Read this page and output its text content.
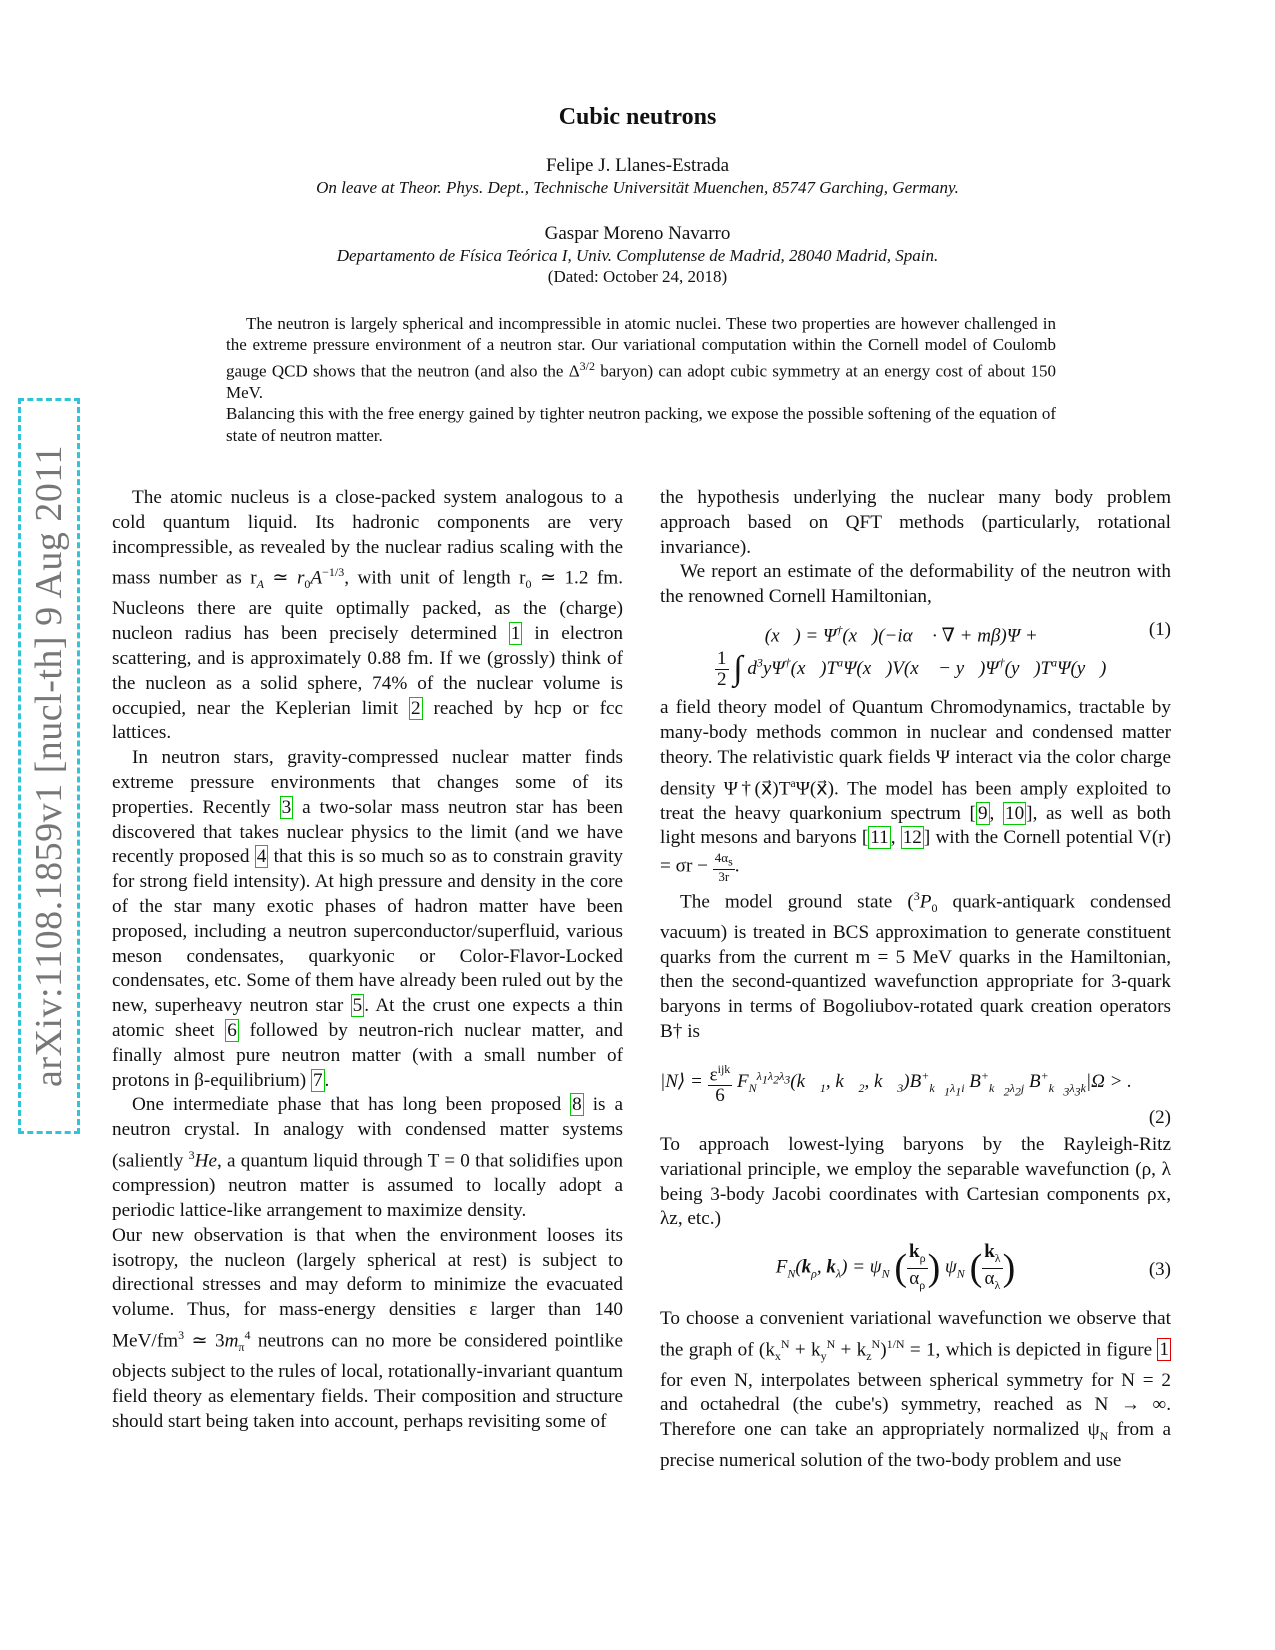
arXiv:1108.1859v1 [nucl-th] 9 Aug 2011
Cubic neutrons
Felipe J. Llanes-Estrada
On leave at Theor. Phys. Dept., Technische Universität Muenchen, 85747 Garching, Germany.
Gaspar Moreno Navarro
Departamento de Física Teórica I, Univ. Complutense de Madrid, 28040 Madrid, Spain.
(Dated: October 24, 2018)

The neutron is largely spherical and incompressible in atomic nuclei. These two properties are however challenged in the extreme pressure environment of a neutron star. Our variational computation within the Cornell model of Coulomb gauge QCD shows that the neutron (and also the $\Delta^{3/2}$ baryon) can adopt cubic symmetry at an energy cost of about 150 MeV.

Balancing this with the free energy gained by tighter neutron packing, we expose the possible softening of the equation of state of neutron matter.

The atomic nucleus is a close-packed system analogous to a cold quantum liquid. Its hadronic components are very incompressible, as revealed by the nuclear radius scaling with the mass number as $r_A$ ≃ $r_0A^{-1/3}$, with unit of length $r_0$ ≃ 1.2 fm. Nucleons there are quite optimally packed, as the (charge) nucleon radius has been precisely determined 1 in electron scattering, and is approximately 0.88 fm. If we (grossly) think of the nucleon as a solid sphere, 74% of the nuclear volume is occupied, near the Keplerian limit 2 reached by hcp or fcc lattices.

In neutron stars, gravity-compressed nuclear matter finds extreme pressure environments that changes some of its properties. Recently 3 a two-solar mass neutron star has been discovered that takes nuclear physics to the limit (and we have recently proposed 4 that this is so much so as to constrain gravity for strong field intensity). At high pressure and density in the core of the star many exotic phases of hadron matter have been proposed, including a neutron superconductor/superfluid, various meson condensates, quarkyonic or Color-Flavor-Locked condensates, etc. Some of them have already been ruled out by the new, superheavy neutron star 5 . At the crust one expects a thin atomic sheet 6 followed by neutron-rich nuclear matter, and finally almost pure neutron matter (with a small number of protons in β-equilibrium) 7 .

One intermediate phase that has long been proposed 8 is a neutron crystal. In analogy with condensed matter systems (saliently $^3$He, a quantum liquid through T = 0 that solidifies upon compression) neutron matter is assumed to locally adopt a periodic lattice-like arrangement to maximize density.

Our new observation is that when the environment looses its isotropy, the nucleon (largely spherical at rest) is subject to directional stresses and may deform to minimize the evacuated volume. Thus, for mass-energy densities ε larger than 140 MeV/$fm^3$ ≃ $3m_\pi^4$ neutrons can no more be considered pointlike objects subject to the rules of local, rotationally-invariant quantum field theory as elementary fields. Their composition and structure should start being taken into account, perhaps revisiting some of

the hypothesis underlying the nuclear many body problem approach based on QFT methods (particularly, rotational invariance).

We report an estimate of the deformability of the neutron with the renowned Cornell Hamiltonian,

ℋ(x⃗) = Ψ†(x⃗)(−iα⃗ · ∇ + mβ)Ψ +	(1)
$\frac{1}{2}$ ∫ $d^3y\Psi^\dagger(x⃗)T^a\Psi(x⃗)V(x⃗$ − $y⃗)\Psi^\dagger(y⃗)T^a\Psi(y⃗)$

a field theory model of Quantum Chromodynamics, tractable by many-body methods common in nuclear and condensed matter theory. The relativistic quark fields Ψ interact via the color charge density $\Psi\dagger(x⃗)T^a\Psi(x⃗)$. The model has been amply exploited to treat the heavy quarkonium spectrum [ 9 , 10 ], as well as both light mesons and baryons [ 11 , 12 ] with the Cornell potential $V(r) = \sigma r - \frac{4\alpha_s}{3r}$ .

The model ground state ($^3P_0$ quark-antiquark condensed vacuum) is treated in BCS approximation to generate constituent quarks from the current m = 5 MeV quarks in the Hamiltonian, then the second-quantized wavefunction appropriate for 3-quark baryons in terms of Bogoliubov-rotated quark creation operators B† is

|N⟩ = $\frac{\varepsilon^{ijk}}{6}$ $F_N^{\lambda_1\lambda_2\lambda_3}(k⃗_1$, $k⃗_2$, $k⃗_3)B^+_{k⃗_1\lambda_1i}$ $B^+_{k⃗_2\lambda_2j}$ $B^+_{k⃗_3\lambda_3k}|\Omega$ > .
(2)

To approach lowest-lying baryons by the Rayleigh-Ritz variational principle, we employ the separable wavefunction (ρ, λ being 3-body Jacobi coordinates with Cartesian components ρx, λz, etc.)

$F_N(k_\rho$, $k_\lambda) = \psi_N$ ( $\frac{k_\rho}{\alpha_\rho}$ ) $\psi_N$ ( $\frac{k_\lambda}{\alpha_\lambda}$ )	(3)

To choose a convenient variational wavefunction we observe that the graph of $(k_x^N + k_y^N + k_z^N)^{1/N} = 1$, which is depicted in figure 1 for even N, interpolates between spherical symmetry for N = 2 and octahedral (the cube's) symmetry, reached as N → ∞. Therefore one can take an appropriately normalized $\psi_N$ from a precise numerical solution of the two-body problem and use
